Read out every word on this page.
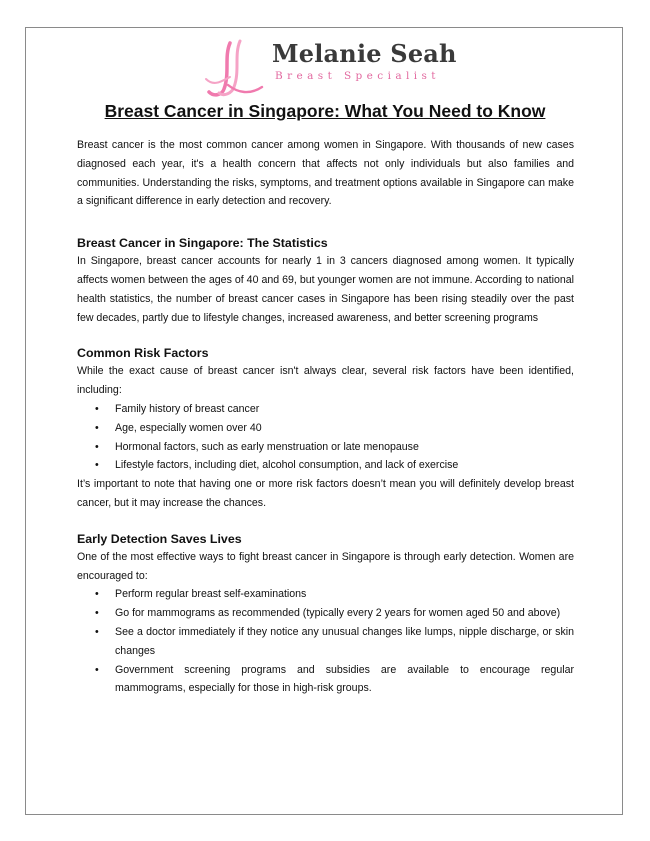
Melanie Seah
Breast Specialist
Breast Cancer in Singapore: What You Need to Know

Breast cancer is the most common cancer among women in Singapore. With thousands of new cases diagnosed each year, it's a health concern that affects not only individuals but also families and communities. Understanding the risks, symptoms, and treatment options available in Singapore can make a significant difference in early detection and recovery.

Breast Cancer in Singapore: The Statistics

In Singapore, breast cancer accounts for nearly 1 in 3 cancers diagnosed among women. It typically affects women between the ages of 40 and 69, but younger women are not immune. According to national health statistics, the number of breast cancer cases in Singapore has been rising steadily over the past few decades, partly due to lifestyle changes, increased awareness, and better screening programs

Common Risk Factors

While the exact cause of breast cancer isn't always clear, several risk factors have been identified, including:

• Family history of breast cancer
• Age, especially women over 40
• Hormonal factors, such as early menstruation or late menopause
• Lifestyle factors, including diet, alcohol consumption, and lack of exercise

It’s important to note that having one or more risk factors doesn’t mean you will definitely develop breast cancer, but it may increase the chances.

Early Detection Saves Lives

One of the most effective ways to fight breast cancer in Singapore is through early detection. Women are encouraged to:

• Perform regular breast self-examinations
• Go for mammograms as recommended (typically every 2 years for women aged 50 and above)
• See a doctor immediately if they notice any unusual changes like lumps, nipple discharge, or skin changes
• Government screening programs and subsidies are available to encourage regular mammograms, especially for those in high-risk groups.
